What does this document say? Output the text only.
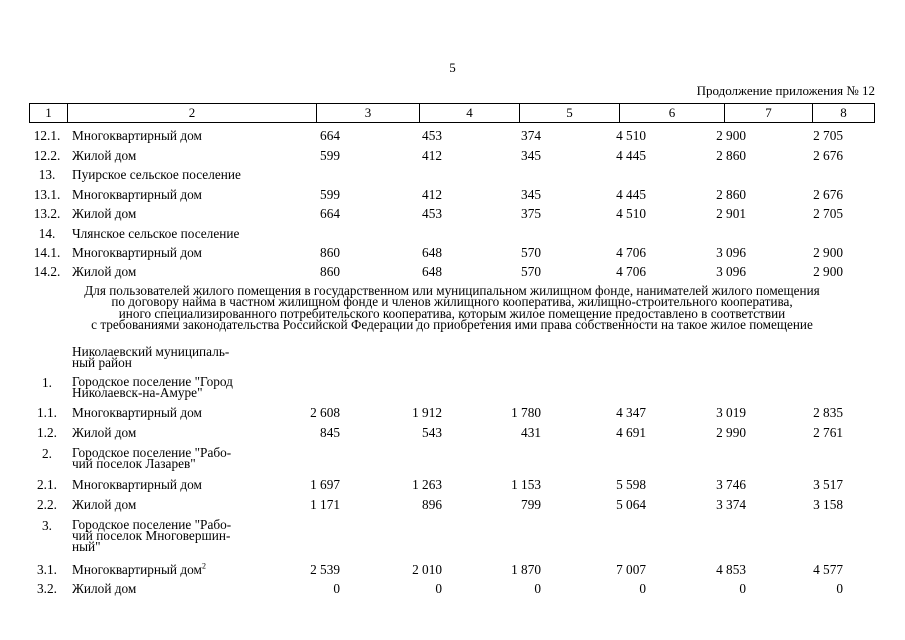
5
Продолжение приложения № 12
1	2	3	4	5	6	7	8
12.1. Многоквартирный дом	664	453	374	4 510	2 900	2 705
12.2. Жилой дом	599	412	345	4 445	2 860	2 676
13.	Пуирское сельское поселение
13.1. Многоквартирный дом	599	412	345	4 445	2 860	2 676
13.2. Жилой дом	664	453	375	4 510	2 901	2 705
14.	Члянское сельское поселение
14.1. Многоквартирный дом	860	648	570	4 706	3 096	2 900
14.2. Жилой дом	860	648	570	4 706	3 096	2 900
Для пользователей жилого помещения в государственном или муниципальном жилищном фонде, нанимателей жилого помещения
по договору найма в частном жилищном фонде и членов жилищного кооператива, жилищно-строительного кооператива,
иного специализированного потребительского кооператива, которым жилое помещение предоставлено в соответствии
с требованиями законодательства Российской Федерации до приобретения ими права собственности на такое жилое помещение
Николаевский муниципаль-
ный район
1.	Городское поселение "Город
Николаевск-на-Амуре"
1.1.	Многоквартирный дом	2 608	1 912	1 780	4 347	3 019	2 835
1.2.	Жилой дом	845	543	431	4 691	2 990	2 761
2.	Городское поселение "Рабо-
чий поселок Лазарев"
2.1.	Многоквартирный дом	1 697	1 263	1 153	5 598	3 746	3 517
2.2.	Жилой дом	1 171	896	799	5 064	3 374	3 158
3.	Городское поселение "Рабо-
чий поселок Многовершин-
ный"
3.1.	Многоквартирный дом$^2$	2 539	2 010	1 870	7 007	4 853	4 577
3.2.	Жилой дом	0	0	0	0	0	0
